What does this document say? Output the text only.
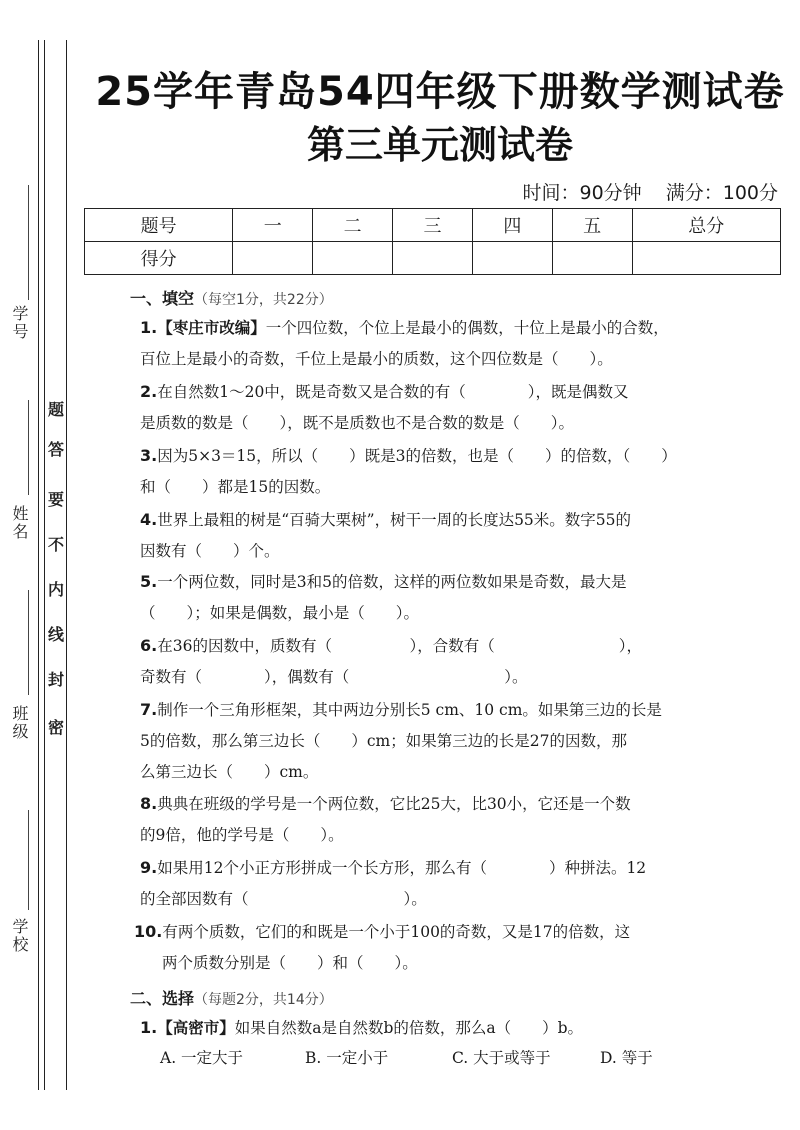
学号
姓名
班级
学校
题
答
要
不
内
线
封
密
25学年青岛54四年级下册数学测试卷
第三单元测试卷
时间：90分钟 满分：100分
题号	一	二	三	四	五	总分
得分						
一、填空（每空1分，共22分）
1.【枣庄市改编】一个四位数，个位上是最小的偶数，十位上是最小的合数，
百位上是最小的奇数，千位上是最小的质数，这个四位数是（　　）。
2.在自然数1～20中，既是奇数又是合数的有（　　　　），既是偶数又
是质数的数是（　　），既不是质数也不是合数的数是（　　）。
3.因为5×3＝15，所以（　　）既是3的倍数，也是（　　）的倍数，（　　）
和（　　）都是15的因数。
4.世界上最粗的树是“百骑大栗树”，树干一周的长度达55米。数字55的
因数有（　　）个。
5.一个两位数，同时是3和5的倍数，这样的两位数如果是奇数，最大是
（　　）；如果是偶数，最小是（　　）。
6.在36的因数中，质数有（　　　　　），合数有（　　　　　　　　），
奇数有（　　　　），偶数有（　　　　　　　　　　）。
7.制作一个三角形框架，其中两边分别长5 cm、10 cm。如果第三边的长是
5的倍数，那么第三边长（　　）cm；如果第三边的长是27的因数，那
么第三边长（　　）cm。
8.典典在班级的学号是一个两位数，它比25大，比30小，它还是一个数
的9倍，他的学号是（　　）。
9.如果用12个小正方形拼成一个长方形，那么有（　　　　）种拼法。12
的全部因数有（　　　　　　　　　　）。
10.有两个质数，它们的和既是一个小于100的奇数，又是17的倍数，这
两个质数分别是（　　）和（　　）。
二、选择（每题2分，共14分）
1.【高密市】如果自然数a是自然数b的倍数，那么a（　　）b。
A. 一定大于	B. 一定小于	C. 大于或等于	D. 等于
